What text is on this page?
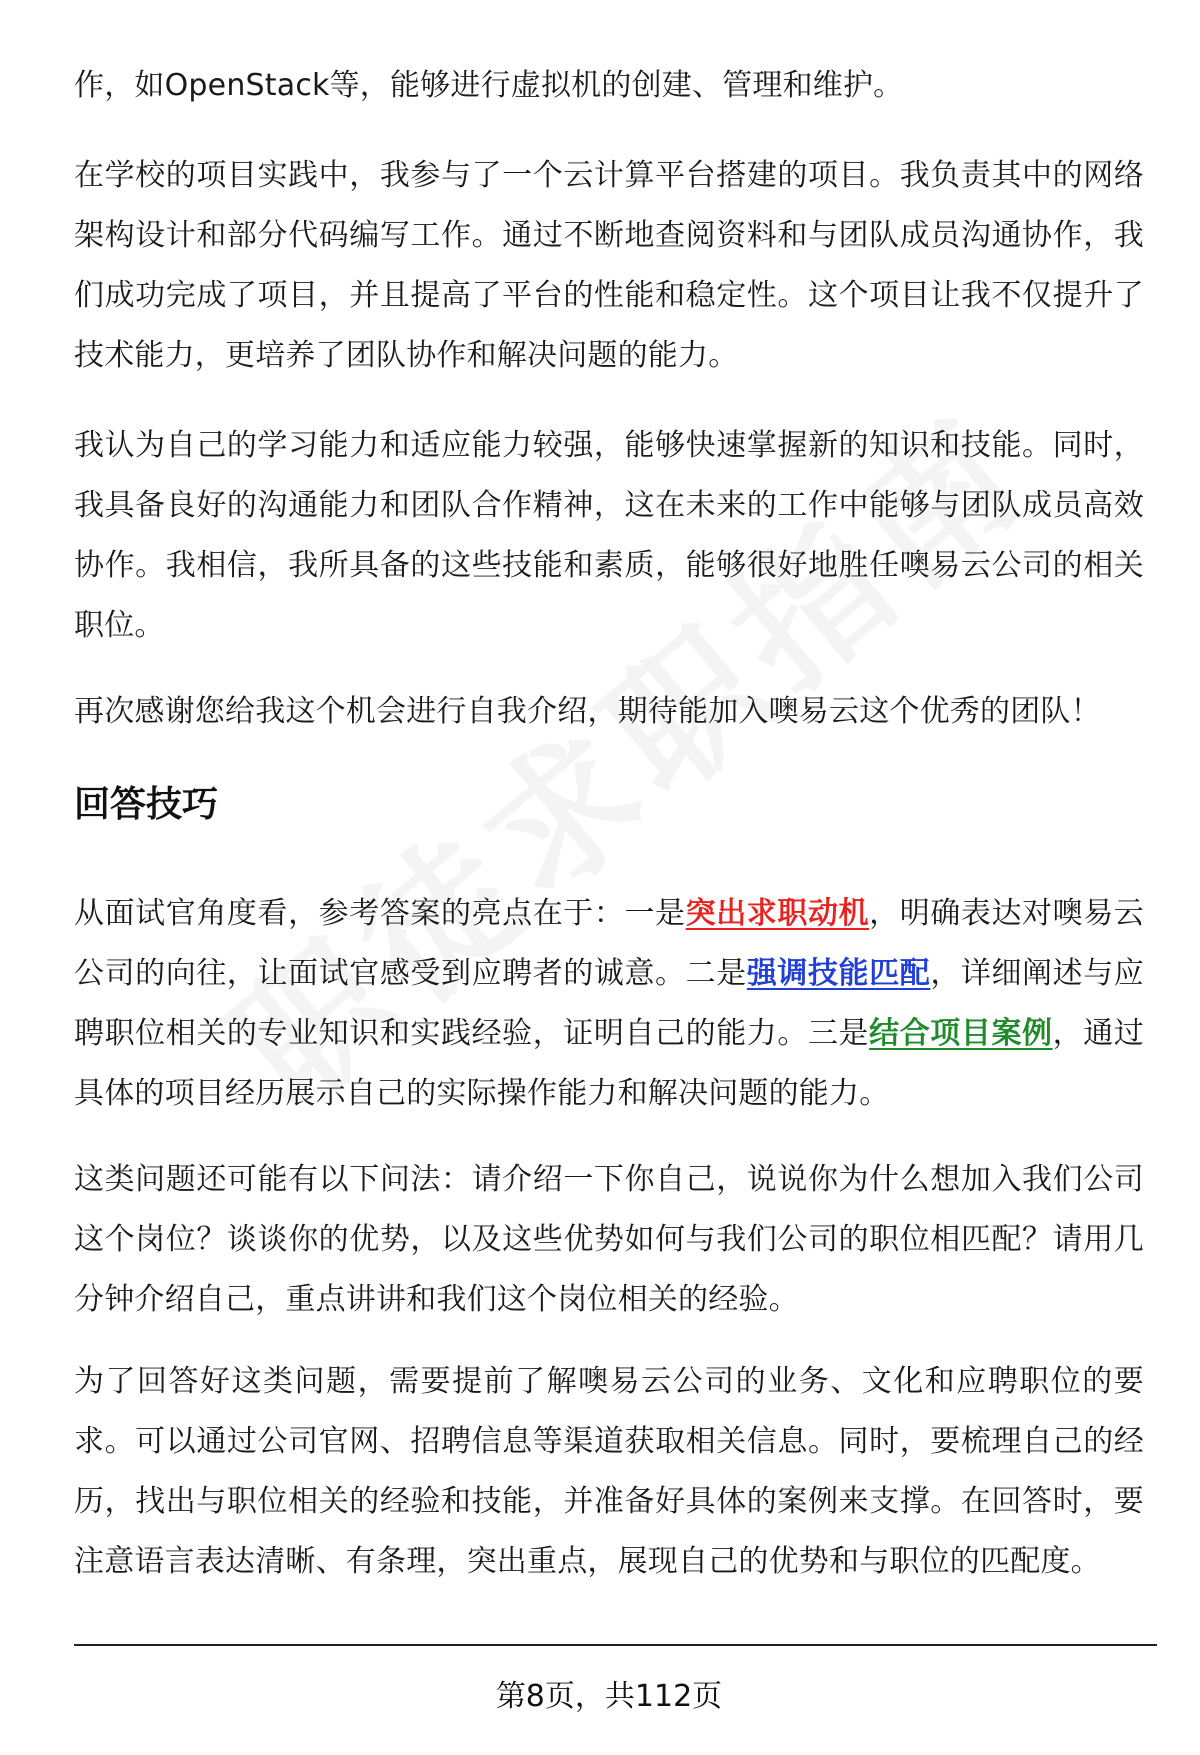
作，如OpenStack等，能够进行虚拟机的创建、管理和维护。

在学校的项目实践中，我参与了一个云计算平台搭建的项目。我负责其中的网络架构设计和部分代码编写工作。通过不断地查阅资料和与团队成员沟通协作，我们成功完成了项目，并且提高了平台的性能和稳定性。这个项目让我不仅提升了技术能力，更培养了团队协作和解决问题的能力。

我认为自己的学习能力和适应能力较强，能够快速掌握新的知识和技能。同时，我具备良好的沟通能力和团队合作精神，这在未来的工作中能够与团队成员高效协作。我相信，我所具备的这些技能和素质，能够很好地胜任噢易云公司的相关职位。

再次感谢您给我这个机会进行自我介绍，期待能加入噢易云这个优秀的团队！

回答技巧

从面试官角度看，参考答案的亮点在于：一是突出求职动机，明确表达对噢易云公司的向往，让面试官感受到应聘者的诚意。二是强调技能匹配，详细阐述与应聘职位相关的专业知识和实践经验，证明自己的能力。三是结合项目案例，通过具体的项目经历展示自己的实际操作能力和解决问题的能力。

这类问题还可能有以下问法：请介绍一下你自己，说说你为什么想加入我们公司这个岗位？谈谈你的优势，以及这些优势如何与我们公司的职位相匹配？请用几分钟介绍自己，重点讲讲和我们这个岗位相关的经验。

为了回答好这类问题，需要提前了解噢易云公司的业务、文化和应聘职位的要求。可以通过公司官网、招聘信息等渠道获取相关信息。同时，要梳理自己的经历，找出与职位相关的经验和技能，并准备好具体的案例来支撑。在回答时，要注意语言表达清晰、有条理，突出重点，展现自己的优势和与职位的匹配度。

第8页，共112页
